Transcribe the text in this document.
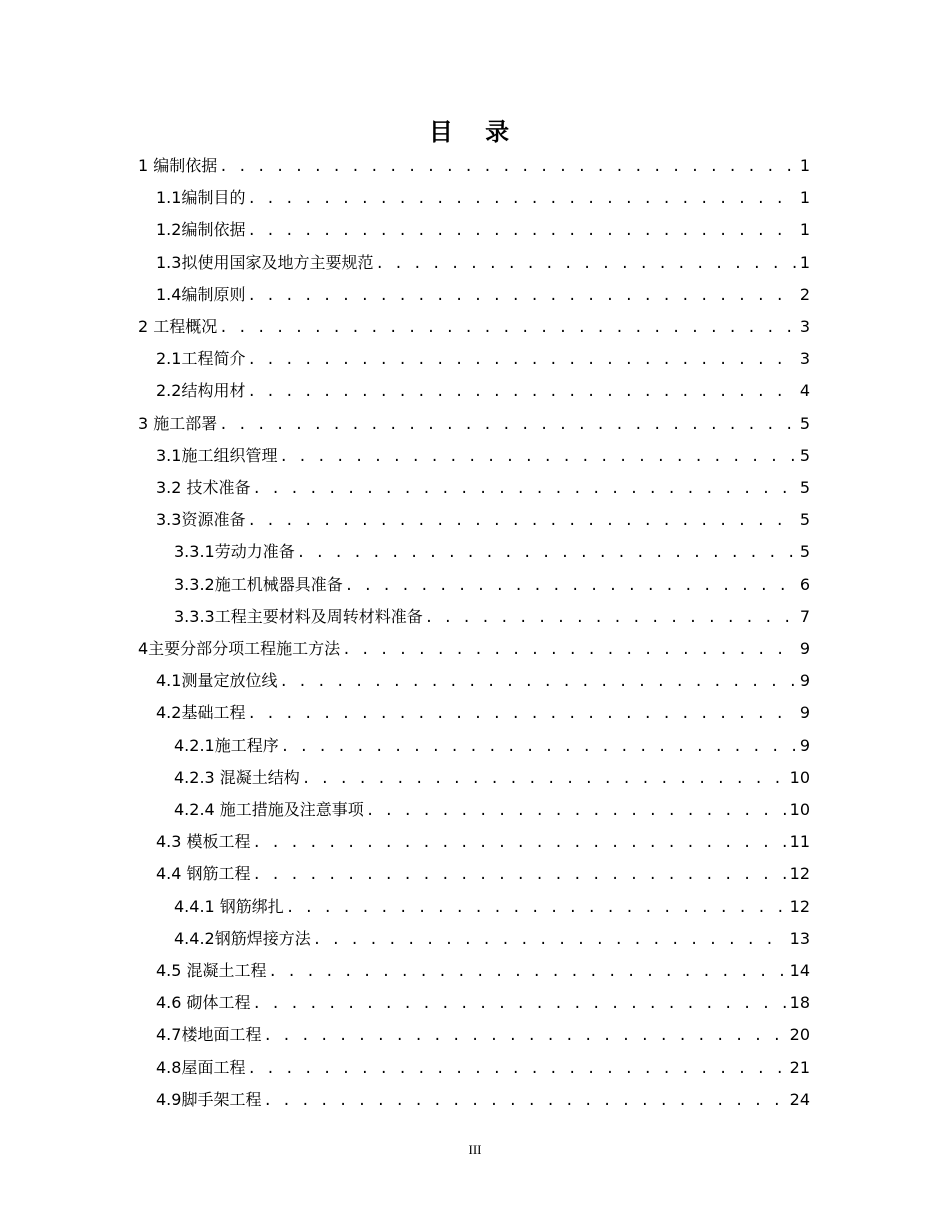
目 录
1 编制依据 . . .	1
1.1编制目的 . . .	1
1.2编制依据 . . .	1
1.3拟使用国家及地方主要规范 . . .	1
1.4编制原则 . . .	2
2 工程概况 . . .	3
2.1工程简介 . . .	3
2.2结构用材 . . .	4
3 施工部署 . . .	5
3.1施工组织管理 . . .	5
3.2 技术准备 . . .	5
3.3资源准备 . . .	5
3.3.1劳动力准备 . . .	5
3.3.2施工机械器具准备 . . .	6
3.3.3工程主要材料及周转材料准备 . . .	7
4主要分部分项工程施工方法 . . .	9
4.1测量定放位线 . . .	9
4.2基础工程 . . .	9
4.2.1施工程序 . . .	9
4.2.3 混凝土结构 . . .	10
4.2.4 施工措施及注意事项 . . .	10
4.3 模板工程 . . .	11
4.4 钢筋工程 . . .	12
4.4.1 钢筋绑扎 . . .	12
4.4.2钢筋焊接方法 . . .	13
4.5 混凝土工程 . . .	14
4.6 砌体工程 . . .	18
4.7楼地面工程 . . .	20
4.8屋面工程 . . .	21
4.9脚手架工程 . . .	24
III
